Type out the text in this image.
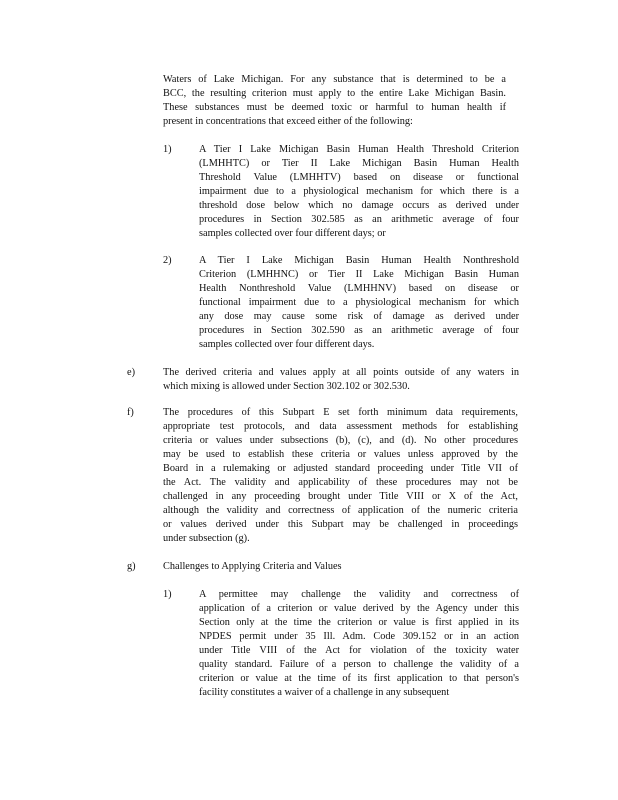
Waters of Lake Michigan. For any substance that is determined to be a
BCC, the resulting criterion must apply to the entire Lake Michigan Basin.
These substances must be deemed toxic or harmful to human health if
present in concentrations that exceed either of the following:
1)	A Tier I Lake Michigan Basin Human Health Threshold Criterion
(LMHHTC) or Tier II Lake Michigan Basin Human Health
Threshold Value (LMHHTV) based on disease or functional
impairment due to a physiological mechanism for which there is a
threshold dose below which no damage occurs as derived under
procedures in Section 302.585 as an arithmetic average of four
samples collected over four different days; or
2)	A Tier I Lake Michigan Basin Human Health Nonthreshold
Criterion (LMHHNC) or Tier II Lake Michigan Basin Human
Health Nonthreshold Value (LMHHNV) based on disease or
functional impairment due to a physiological mechanism for which
any dose may cause some risk of damage as derived under
procedures in Section 302.590 as an arithmetic average of four
samples collected over four different days.
e)	The derived criteria and values apply at all points outside of any waters in
which mixing is allowed under Section 302.102 or 302.530.
f)	The procedures of this Subpart E set forth minimum data requirements,
appropriate test protocols, and data assessment methods for establishing
criteria or values under subsections (b), (c), and (d). No other procedures
may be used to establish these criteria or values unless approved by the
Board in a rulemaking or adjusted standard proceeding under Title VII of
the Act. The validity and applicability of these procedures may not be
challenged in any proceeding brought under Title VIII or X of the Act,
although the validity and correctness of application of the numeric criteria
or values derived under this Subpart may be challenged in proceedings
under subsection (g).
g)	Challenges to Applying Criteria and Values
1)	A permittee may challenge the validity and correctness of
application of a criterion or value derived by the Agency under this
Section only at the time the criterion or value is first applied in its
NPDES permit under 35 Ill. Adm. Code 309.152 or in an action
under Title VIII of the Act for violation of the toxicity water
quality standard. Failure of a person to challenge the validity of a
criterion or value at the time of its first application to that person's
facility constitutes a waiver of a challenge in any subsequent
